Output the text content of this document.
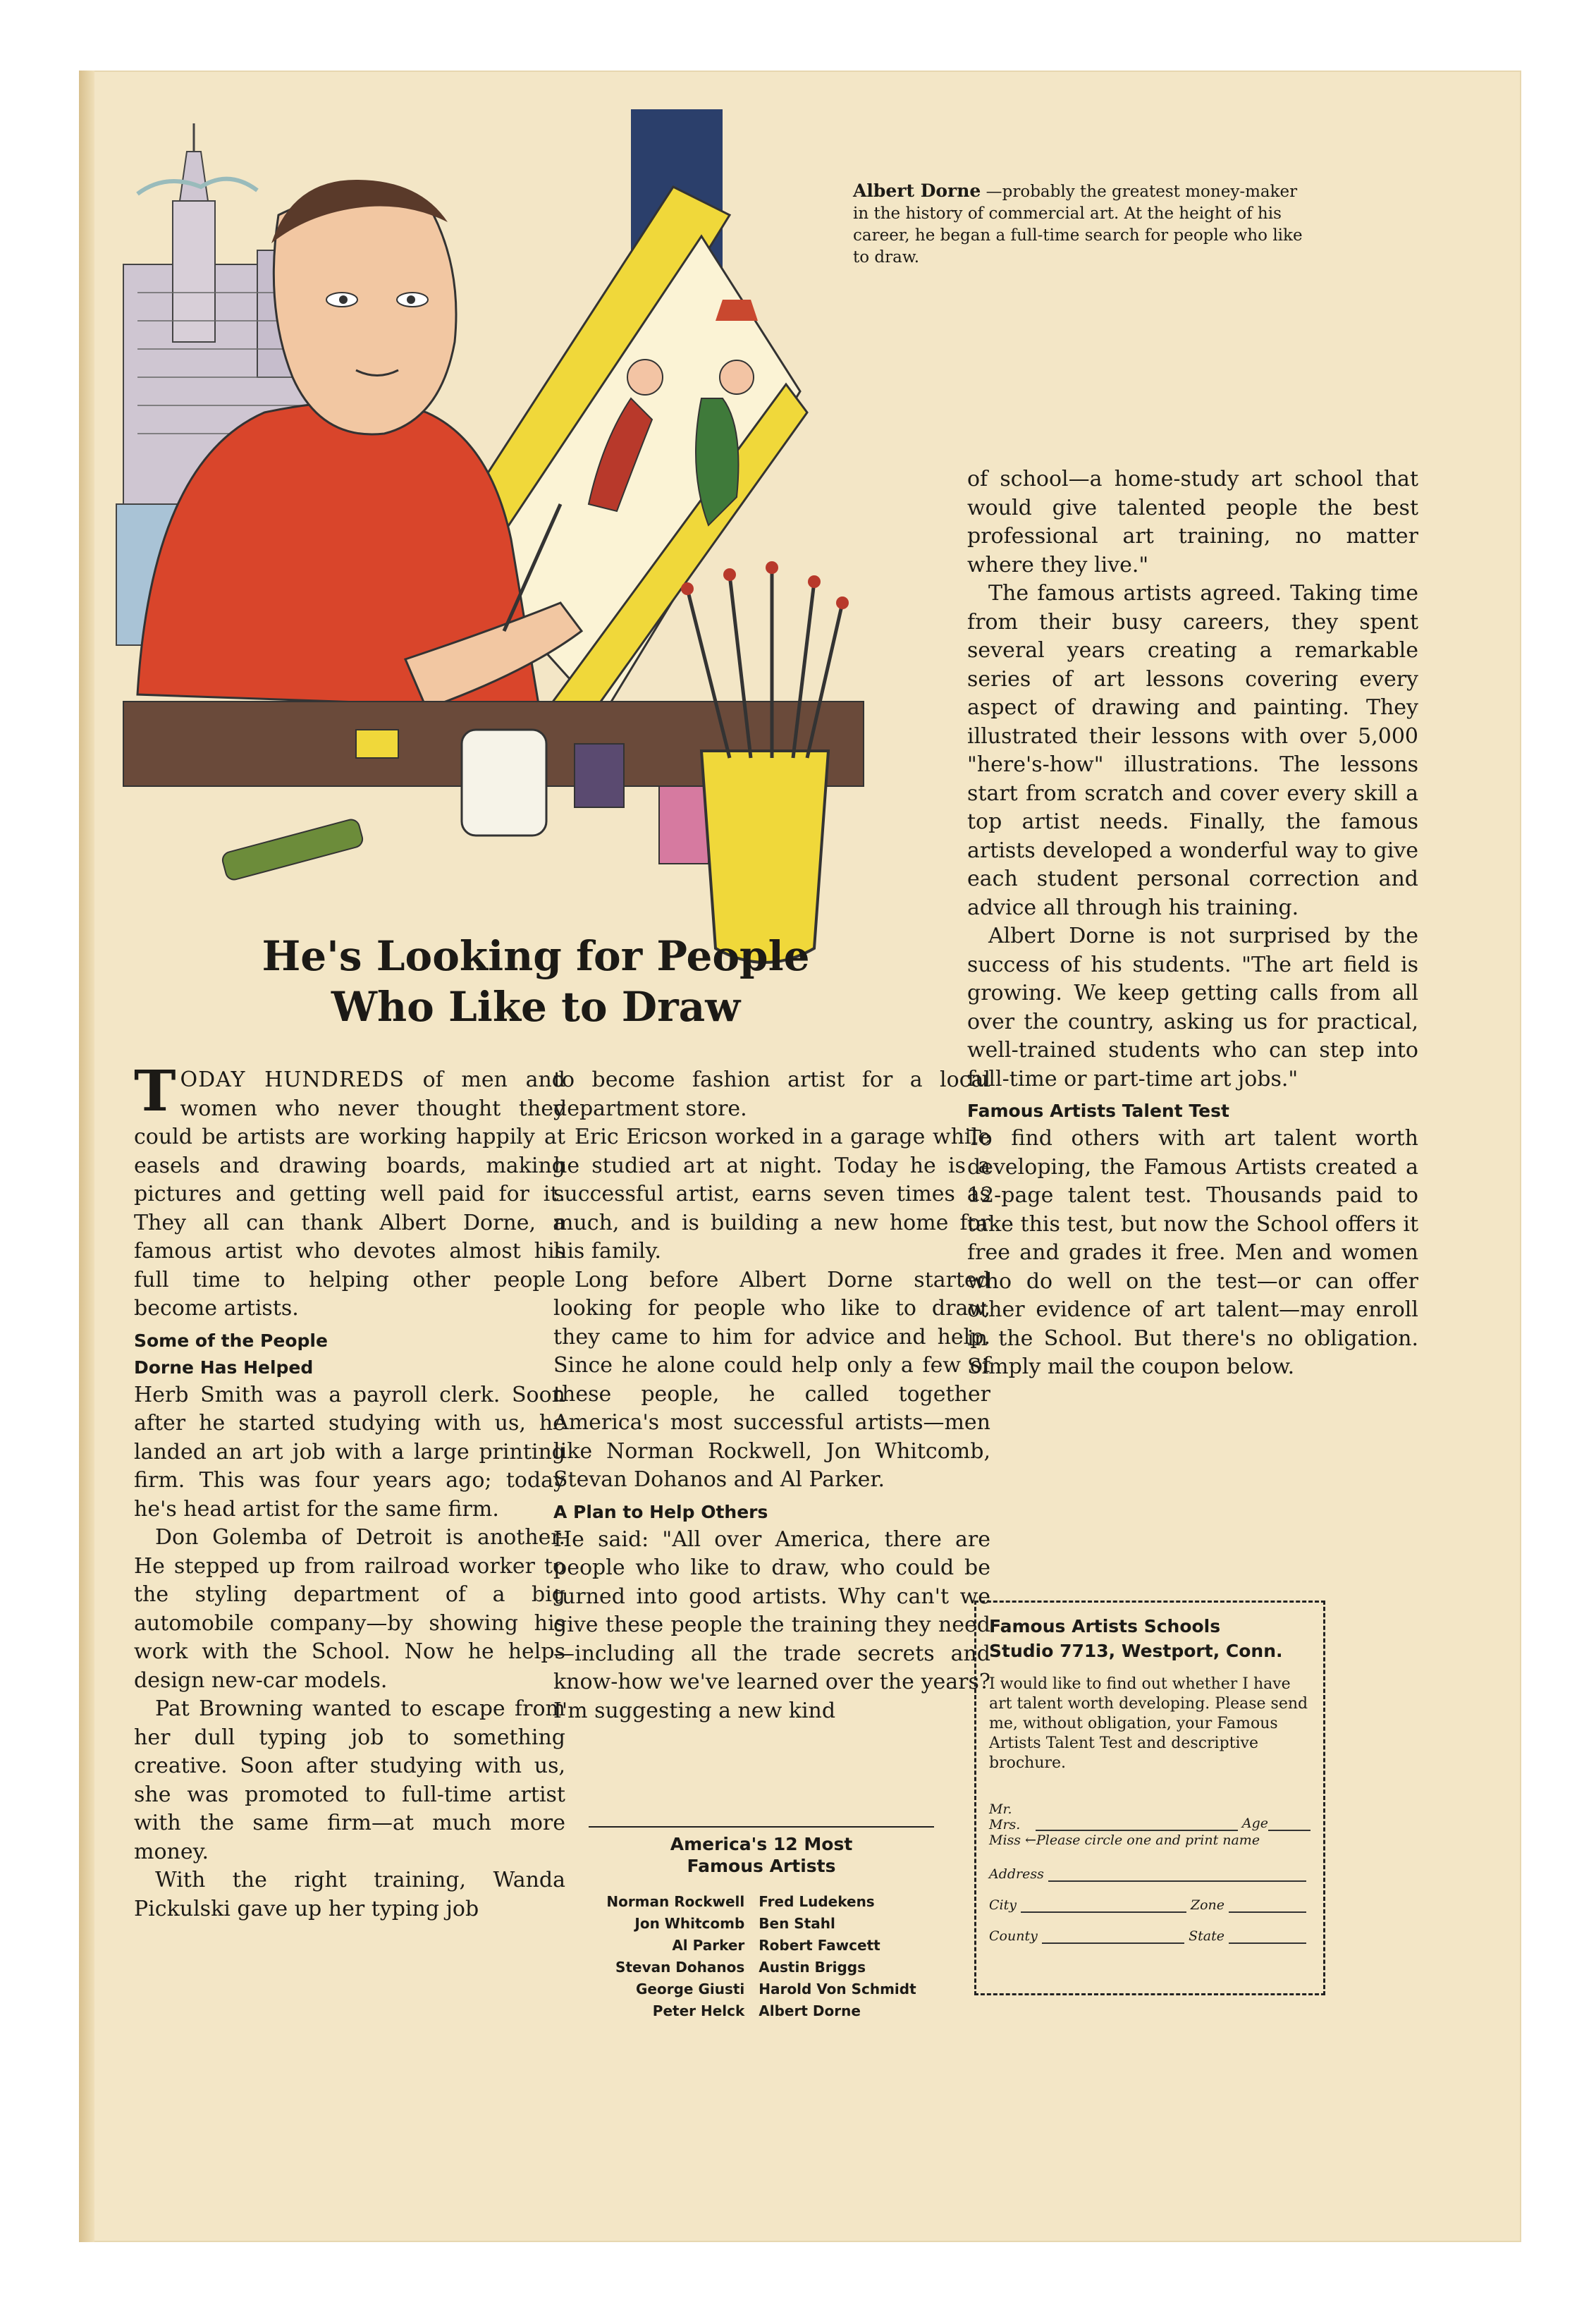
Albert Dorne —probably the greatest money-maker in the history of commercial art. At the height of his career, he began a full-time search for people who like to draw.
He's Looking for People
Who Like to Draw

TODAY HUNDREDS of men and women who never thought they could be artists are working happily at easels and drawing boards, making pictures and getting well paid for it. They all can thank Albert Dorne, a famous artist who devotes almost his full time to helping other people become artists.

Some of the People
Dorne Has Helped

Herb Smith was a payroll clerk. Soon after he started studying with us, he landed an art job with a large printing firm. This was four years ago; today he's head artist for the same firm.

Don Golemba of Detroit is another. He stepped up from railroad worker to the styling department of a big automobile company—by showing his work with the School. Now he helps design new-car models.

Pat Browning wanted to escape from her dull typing job to something creative. Soon after studying with us, she was promoted to full-time artist with the same firm—at much more money.

With the right training, Wanda Pickulski gave up her typing job

to become fashion artist for a local department store.

Eric Ericson worked in a garage while he studied art at night. Today he is a successful artist, earns seven times as much, and is building a new home for his family.

Long before Albert Dorne started looking for people who like to draw, they came to him for advice and help. Since he alone could help only a few of these people, he called together America's most successful artists—men like Norman Rockwell, Jon Whitcomb, Stevan Dohanos and Al Parker.

A Plan to Help Others

He said: "All over America, there are people who like to draw, who could be turned into good artists. Why can't we give these people the training they need—including all the trade secrets and know-how we've learned over the years? I'm suggesting a new kind

of school—a home-study art school that would give talented people the best professional art training, no matter where they live."

The famous artists agreed. Taking time from their busy careers, they spent several years creating a remarkable series of art lessons covering every aspect of drawing and painting. They illustrated their lessons with over 5,000 "here's-how" illustrations. The lessons start from scratch and cover every skill a top artist needs. Finally, the famous artists developed a wonderful way to give each student personal correction and advice all through his training.

Albert Dorne is not surprised by the success of his students. "The art field is growing. We keep getting calls from all over the country, asking us for practical, well-trained students who can step into full-time or part-time art jobs."

Famous Artists Talent Test

To find others with art talent worth developing, the Famous Artists created a 12-page talent test. Thousands paid to take this test, but now the School offers it free and grades it free. Men and women who do well on the test—or can offer other evidence of art talent—may enroll in the School. But there's no obligation. Simply mail the coupon below.

America's 12 Most
Famous Artists
Norman Rockwell	Fred Ludekens
Jon Whitcomb	Ben Stahl
Al Parker	Robert Fawcett
Stevan Dohanos	Austin Briggs
George Giusti	Harold Von Schmidt
Peter Helck	Albert Dorne
Famous Artists Schools
Studio 7713, Westport, Conn.
I would like to find out whether I have art talent worth developing. Please send me, without obligation, your Famous Artists Talent Test and descriptive brochure.
Mr.
Mrs.
Miss ←Please circle one and print name
Age
Address
City	Zone
County	State
